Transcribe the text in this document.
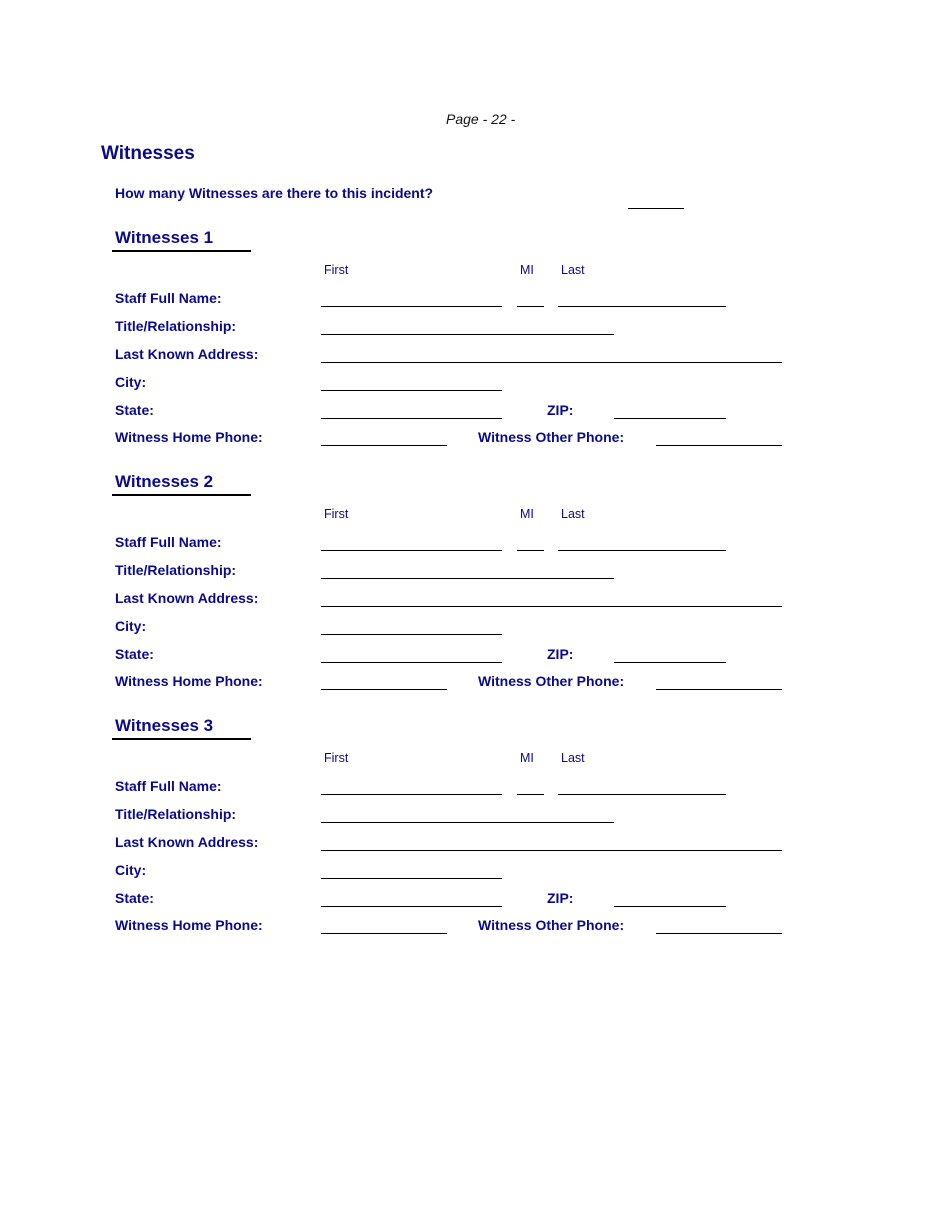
Page - 22 -
Witnesses
How many Witnesses are there to this incident?
Witnesses 1
First	MI Last
Staff Full Name:
Title/Relationship:
Last Known Address:
City:
State:	ZIP:
Witness Home Phone:	Witness Other Phone:
Witnesses 2
First	MI Last
Staff Full Name:
Title/Relationship:
Last Known Address:
City:
State:	ZIP:
Witness Home Phone:	Witness Other Phone:
Witnesses 3
First	MI Last
Staff Full Name:
Title/Relationship:
Last Known Address:
City:
State:	ZIP:
Witness Home Phone:	Witness Other Phone:
